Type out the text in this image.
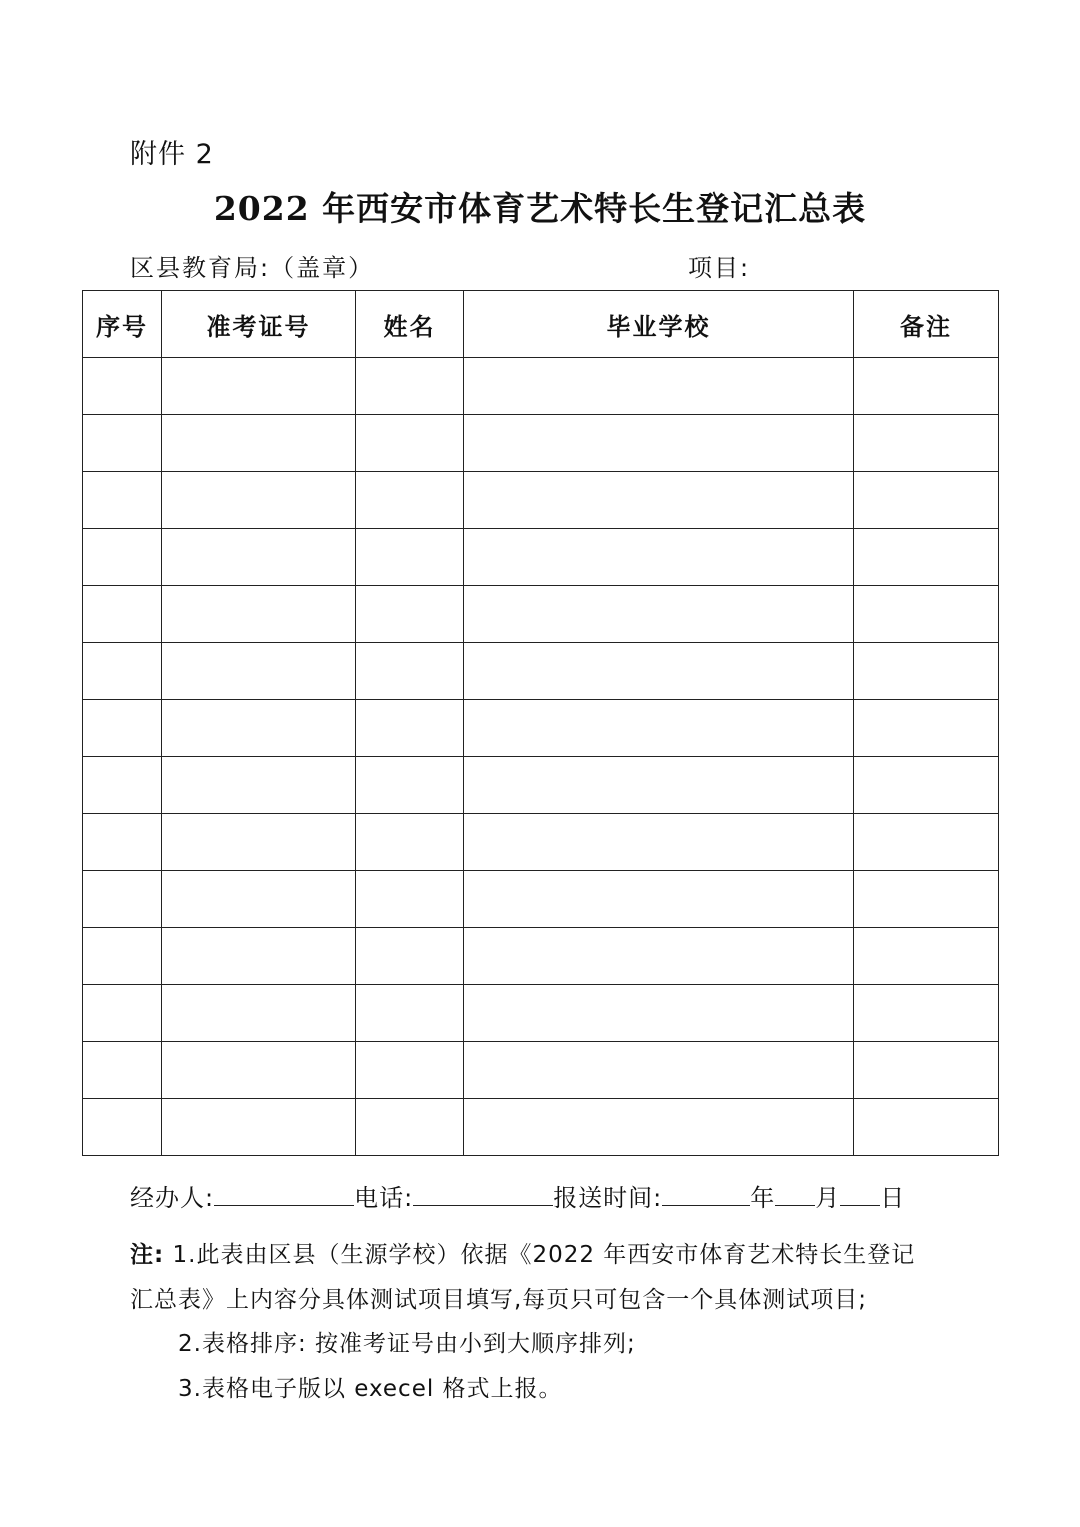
附件 2
2022 年西安市体育艺术特长生登记汇总表
区县教育局:（盖章）	项目:
序号	准考证号	姓名	毕业学校	备注

经办人:	电话:	报送时间:	年 月 日
注: 1.此表由区县（生源学校）依据《2022 年西安市体育艺术特长生登记
汇总表》上内容分具体测试项目填写,每页只可包含一个具体测试项目;
2.表格排序: 按准考证号由小到大顺序排列;
3.表格电子版以 execel 格式上报。
